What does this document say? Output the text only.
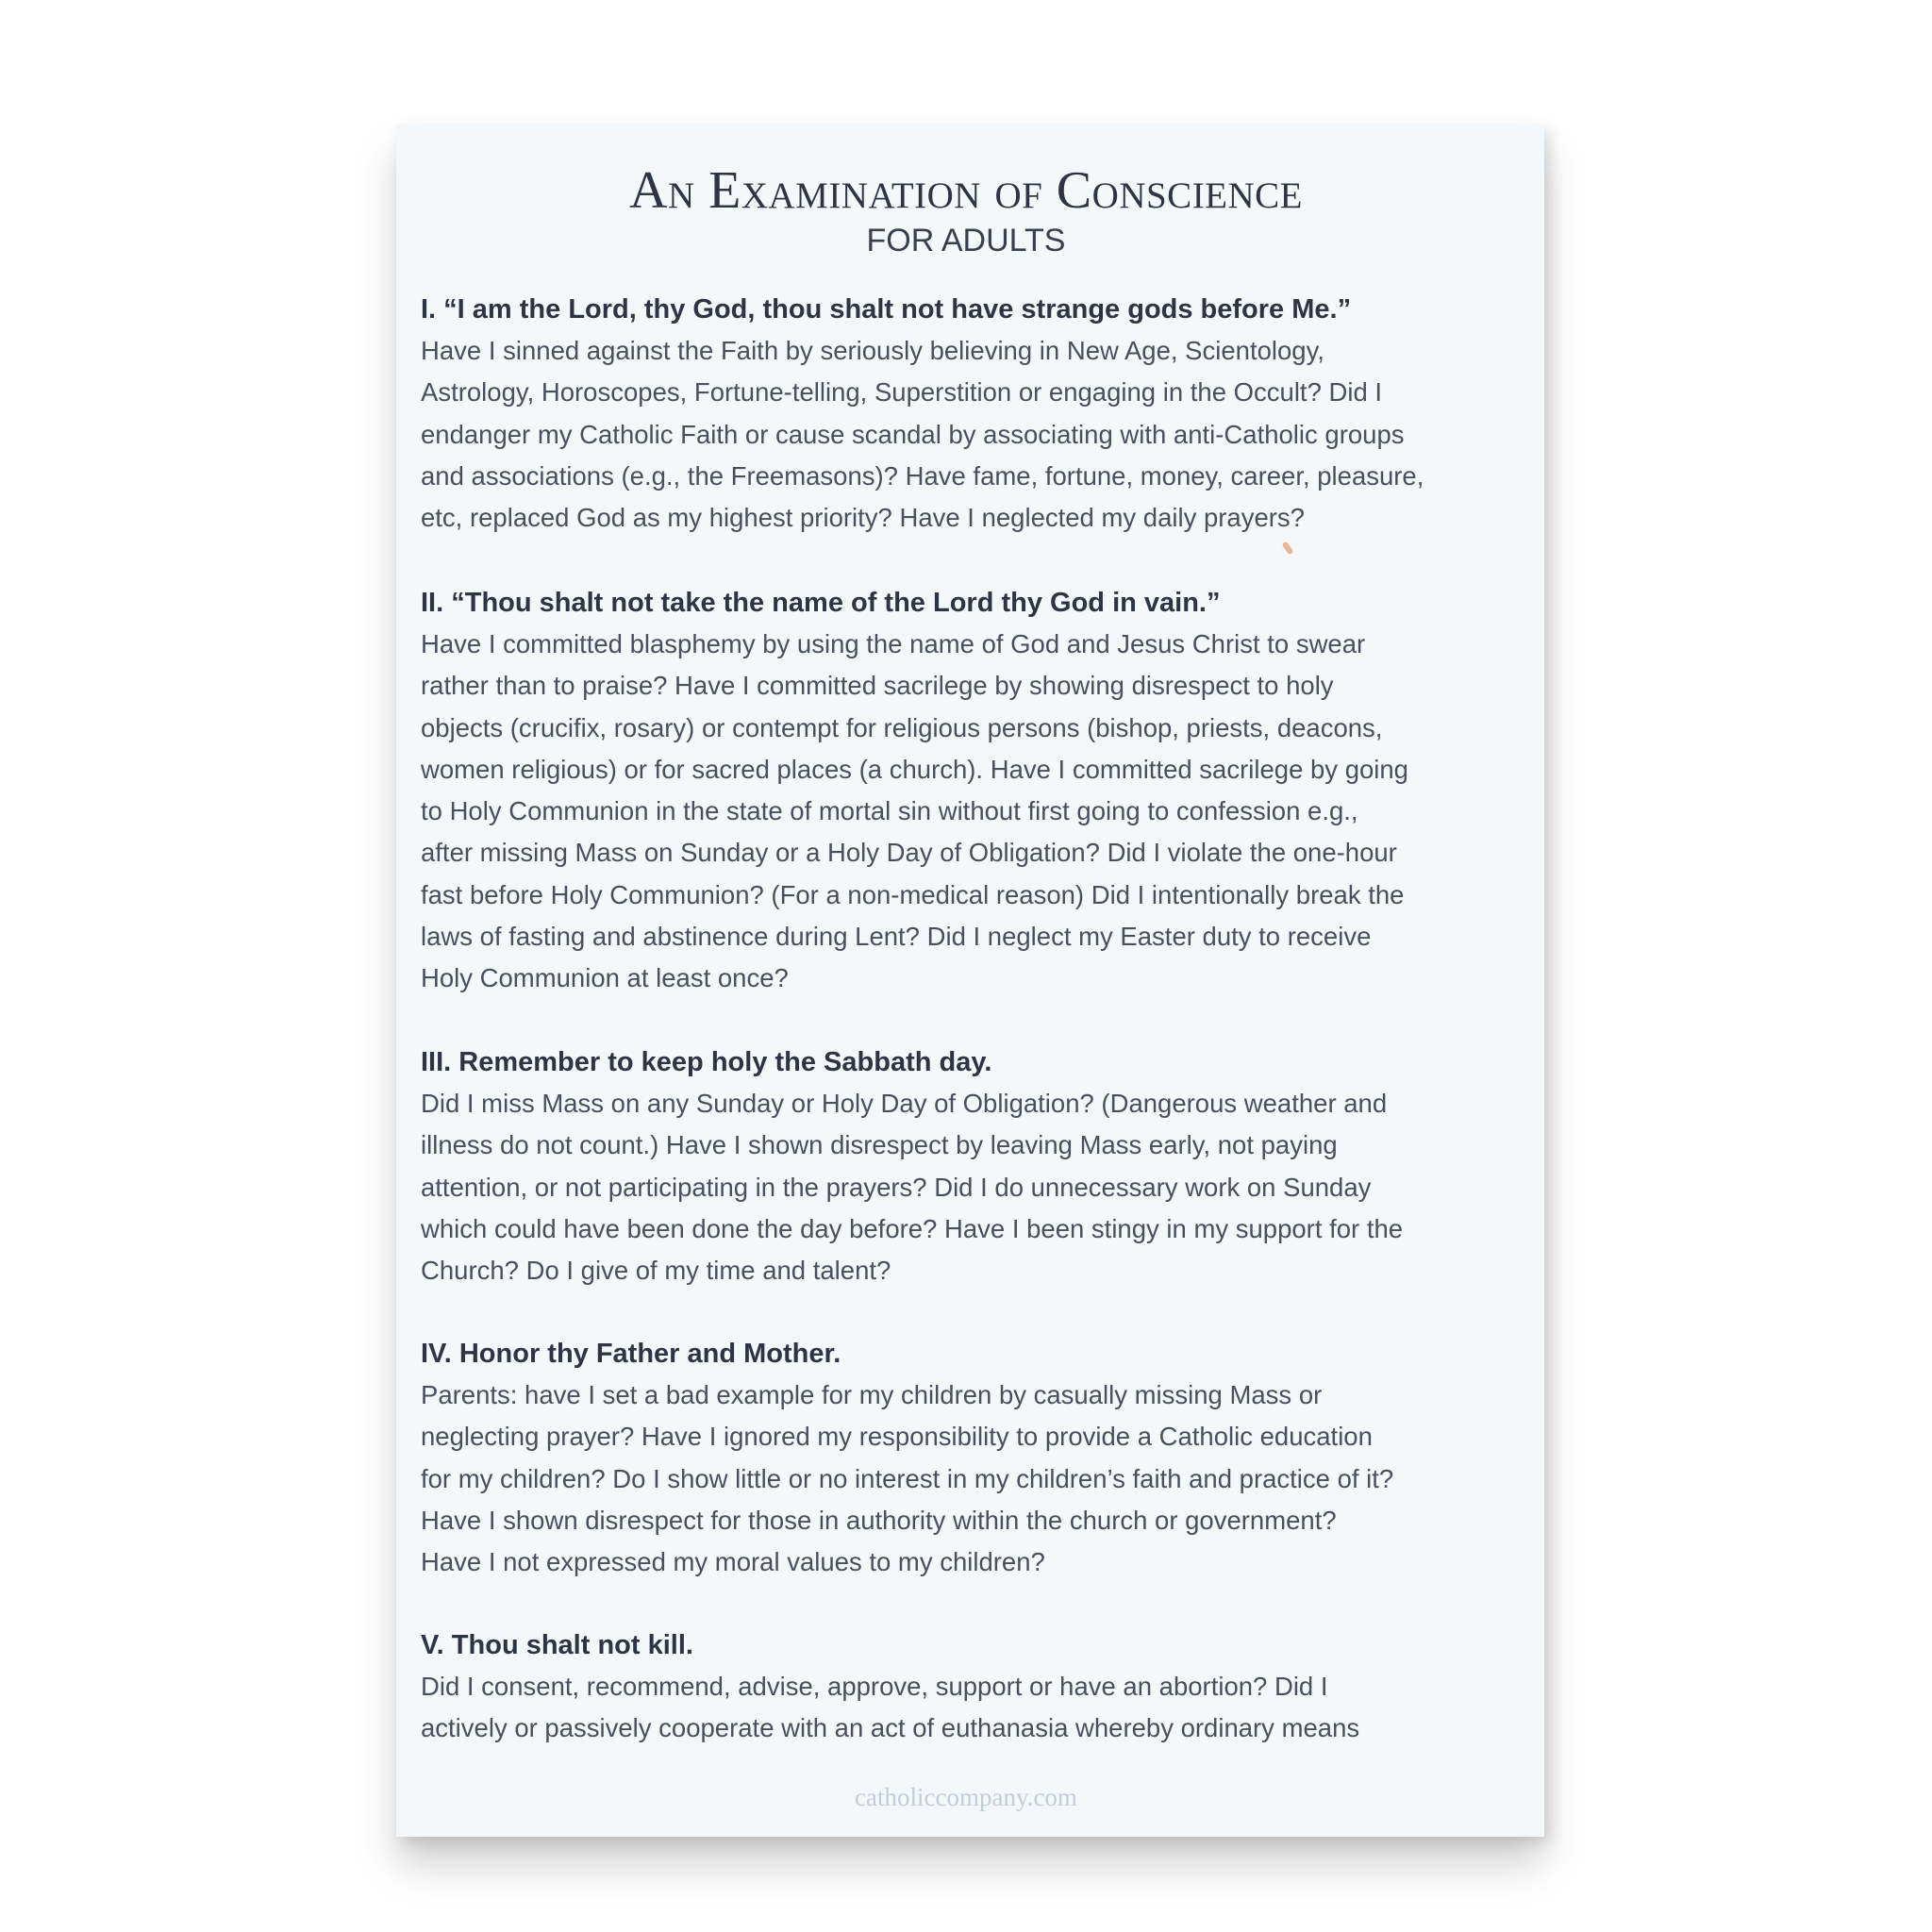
An Examination of Conscience
FOR ADULTS
I. “I am the Lord, thy God, thou shalt not have strange gods before Me.”
Have I sinned against the Faith by seriously believing in New Age, Scientology,
Astrology, Horoscopes, Fortune-telling, Superstition or engaging in the Occult? Did I
endanger my Catholic Faith or cause scandal by associating with anti-Catholic groups
and associations (e.g., the Freemasons)? Have fame, fortune, money, career, pleasure,
etc, replaced God as my highest priority? Have I neglected my daily prayers?
II. “Thou shalt not take the name of the Lord thy God in vain.”
Have I committed blasphemy by using the name of God and Jesus Christ to swear
rather than to praise? Have I committed sacrilege by showing disrespect to holy
objects (crucifix, rosary) or contempt for religious persons (bishop, priests, deacons,
women religious) or for sacred places (a church). Have I committed sacrilege by going
to Holy Communion in the state of mortal sin without first going to confession e.g.,
after missing Mass on Sunday or a Holy Day of Obligation? Did I violate the one-hour
fast before Holy Communion? (For a non-medical reason) Did I intentionally break the
laws of fasting and abstinence during Lent? Did I neglect my Easter duty to receive
Holy Communion at least once?
III. Remember to keep holy the Sabbath day.
Did I miss Mass on any Sunday or Holy Day of Obligation? (Dangerous weather and
illness do not count.) Have I shown disrespect by leaving Mass early, not paying
attention, or not participating in the prayers? Did I do unnecessary work on Sunday
which could have been done the day before? Have I been stingy in my support for the
Church? Do I give of my time and talent?
IV. Honor thy Father and Mother.
Parents: have I set a bad example for my children by casually missing Mass or
neglecting prayer? Have I ignored my responsibility to provide a Catholic education
for my children? Do I show little or no interest in my children’s faith and practice of it?
Have I shown disrespect for those in authority within the church or government?
Have I not expressed my moral values to my children?
V. Thou shalt not kill.
Did I consent, recommend, advise, approve, support or have an abortion? Did I
actively or passively cooperate with an act of euthanasia whereby ordinary means
catholiccompany.com
